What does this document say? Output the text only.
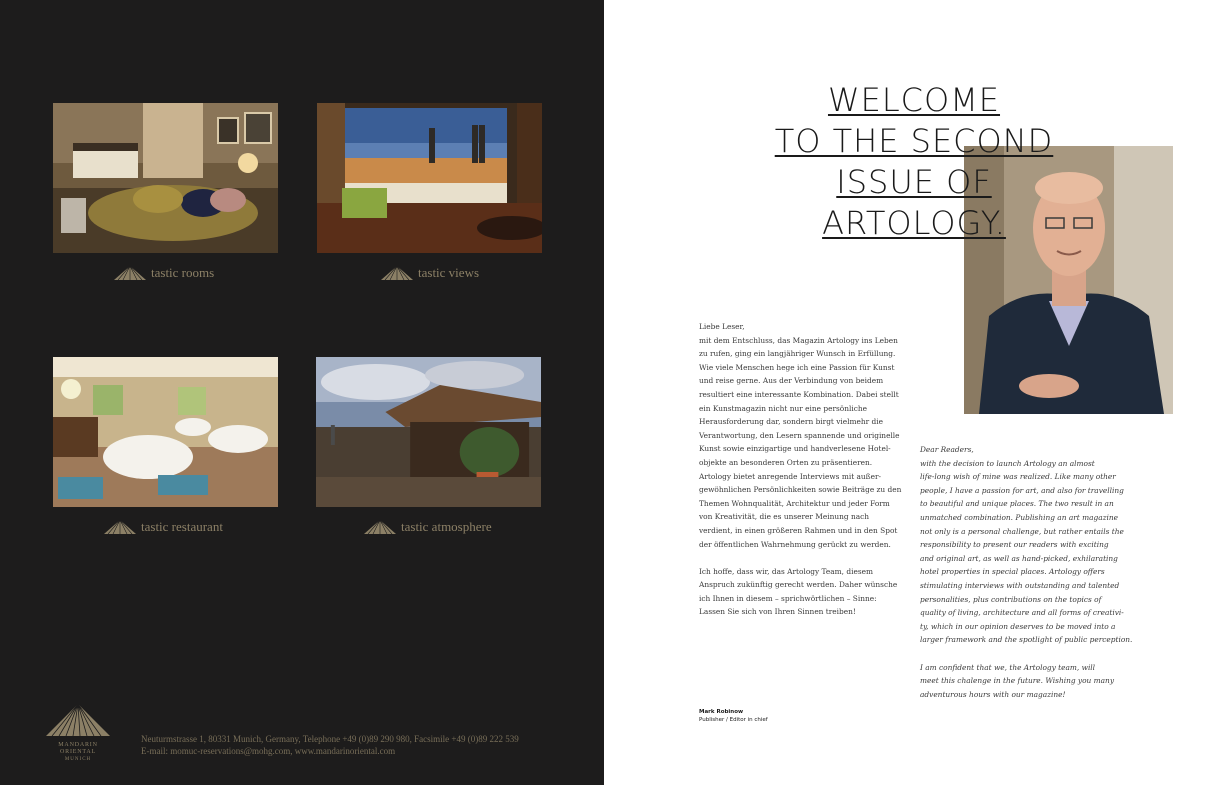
tastic rooms	tastic views
tastic restaurant	tastic atmosphere
MANDARIN ORIENTAL
MUNICH
Neuturmstrasse 1, 80331 Munich, Germany, Telephone +49 (0)89 290 980, Facsimile +49 (0)89 222 539
E-mail: momuc-reservations@mohg.com, www.mandarinoriental.com
WELCOME
TO THE SECOND
ISSUE OF
ARTOLOGY.

Liebe Leser,
mit dem Entschluss, das Magazin Artology ins Leben
zu rufen, ging ein langjähriger Wunsch in Erfüllung.
Wie viele Menschen hege ich eine Passion für Kunst
und reise gerne. Aus der Verbindung von beidem
resultiert eine interessante Kombination. Dabei stellt
ein Kunstmagazin nicht nur eine persönliche
Herausforderung dar, sondern birgt vielmehr die
Verantwortung, den Lesern spannende und originelle
Kunst sowie einzigartige und handverlesene Hotel-
objekte an besonderen Orten zu präsentieren.
Artology bietet anregende Interviews mit außer-
gewöhnlichen Persönlichkeiten sowie Beiträge zu den
Themen Wohnqualität, Architektur und jeder Form
von Kreativität, die es unserer Meinung nach
verdient, in einen größeren Rahmen und in den Spot
der öffentlichen Wahrnehmung gerückt zu werden.

Ich hoffe, dass wir, das Artology Team, diesem
Anspruch zukünftig gerecht werden. Daher wünsche
ich Ihnen in diesem – sprichwörtlichen – Sinne:
Lassen Sie sich von Ihren Sinnen treiben!

Dear Readers,
with the decision to launch Artology an almost
life-long wish of mine was realized. Like many other
people, I have a passion for art, and also for travelling
to beautiful and unique places. The two result in an
unmatched combination. Publishing an art magazine
not only is a personal challenge, but rather entails the
responsibility to present our readers with exciting
and original art, as well as hand-picked, exhilarating
hotel properties in special places. Artology offers
stimulating interviews with outstanding and talented
personalities, plus contributions on the topics of
quality of living, architecture and all forms of creativi-
ty, which in our opinion deserves to be moved into a
larger framework and the spotlight of public perception.

I am confident that we, the Artology team, will
meet this chalenge in the future. Wishing you many
adventurous hours with our magazine!

Mark Robinow
Publisher / Editor in chief
